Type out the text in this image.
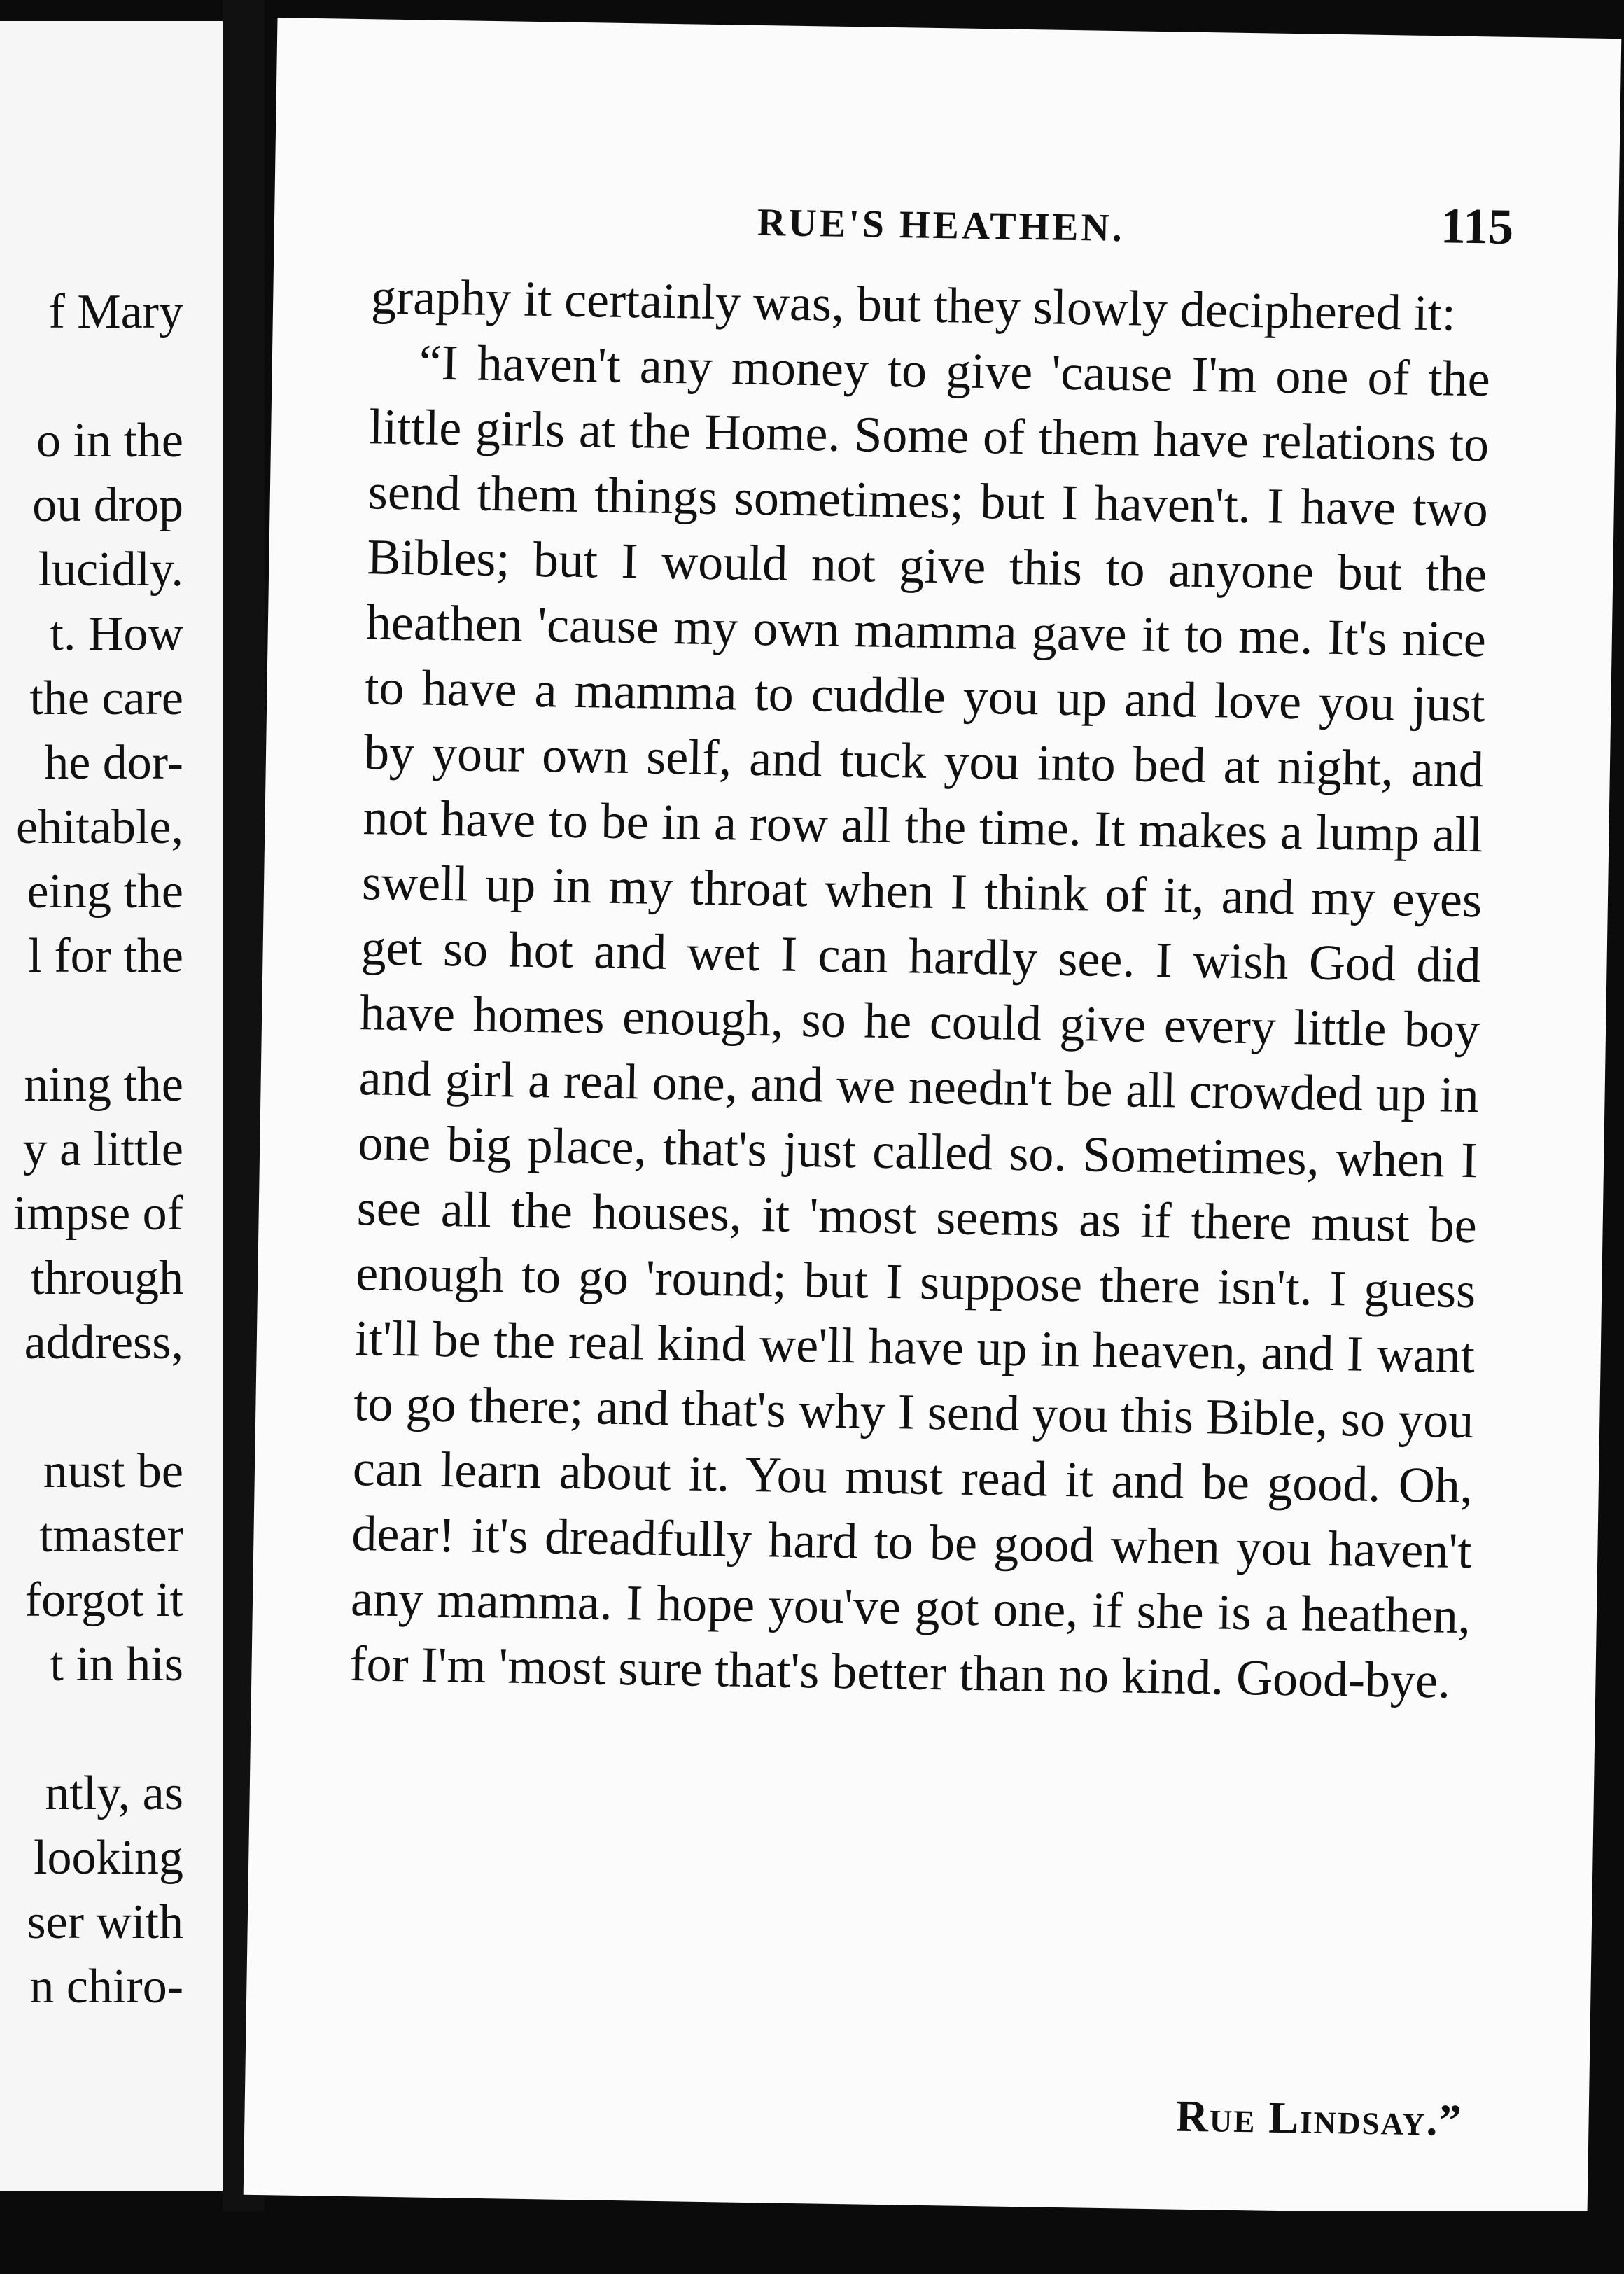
f Mary

o in the
ou drop
lucidly.
t. How
the care
he dor-
ehitable,
eing the
l for the

ning the
y a little
impse of
through
address,

nust be
tmaster
forgot it
t in his

ntly, as
looking
ser with
n chiro-
RUE'S HEATHEN.	115

graphy it certainly was, but they slowly deciphered it:

“I haven't any money to give 'cause I'm one of the little girls at the Home. Some of them have relations to send them things sometimes; but I haven't. I have two Bibles; but I would not give this to anyone but the heathen 'cause my own mamma gave it to me. It's nice to have a mamma to cuddle you up and love you just by your own self, and tuck you into bed at night, and not have to be in a row all the time. It makes a lump all swell up in my throat when I think of it, and my eyes get so hot and wet I can hardly see. I wish God did have homes enough, so he could give every little boy and girl a real one, and we needn't be all crowded up in one big place, that's just called so. Sometimes, when I see all the houses, it 'most seems as if there must be enough to go 'round; but I suppose there isn't. I guess it'll be the real kind we'll have up in heaven, and I want to go there; and that's why I send you this Bible, so you can learn about it. You must read it and be good. Oh, dear! it's dreadfully hard to be good when you haven't any mamma. I hope you've got one, if she is a heathen, for I'm 'most sure that's better than no kind. Good-bye.

Rue Lindsay.”
